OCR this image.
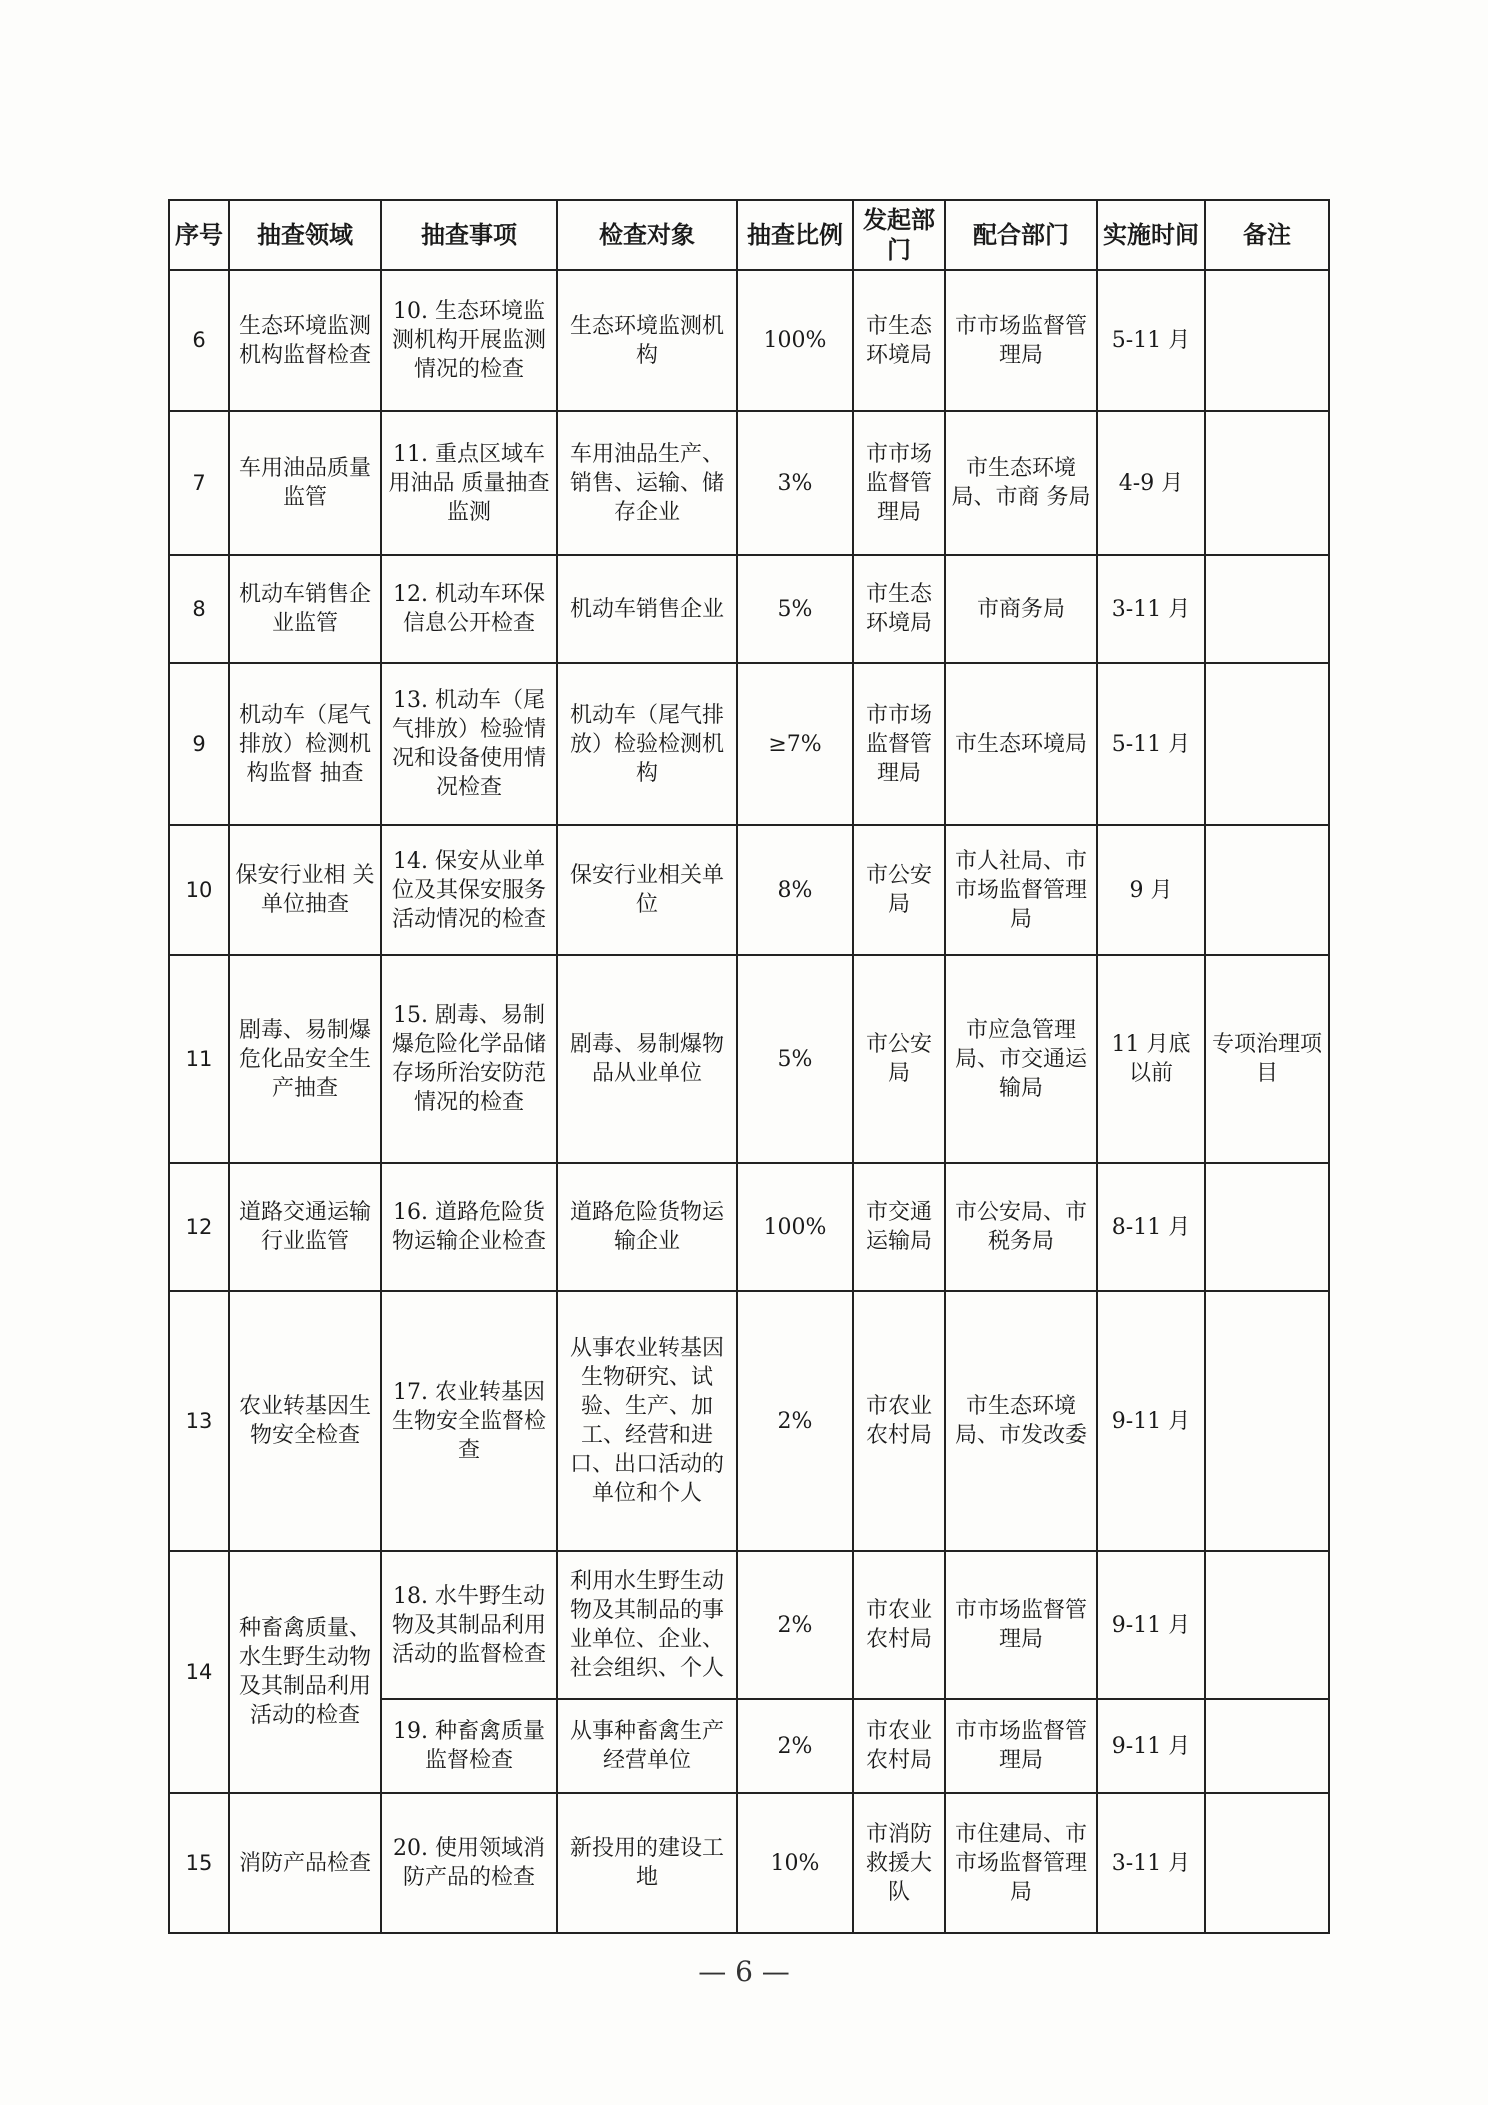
序号	抽查领域	抽查事项	检查对象	抽查比例	发起部门	配合部门	实施时间	备注
6	生态环境监测机构监督检查	10. 生态环境监测机构开展监测情况的检查	生态环境监测机构	100%	市生态环境局	市市场监督管理局	5-11 月	
7	车用油品质量监管	11. 重点区域车用油品 质量抽查监测	车用油品生产、销售、运输、储存企业	3%	市市场监督管理局	市生态环境局、市商 务局	4-9 月	
8	机动车销售企业监管	12. 机动车环保信息公开检查	机动车销售企业	5%	市生态环境局	市商务局	3-11 月	
9	机动车（尾气排放）检测机构监督 抽查	13. 机动车（尾气排放）检验情况和设备使用情况检查	机动车（尾气排放）检验检测机构	≥7%	市市场监督管理局	市生态环境局	5-11 月	
10	保安行业相 关单位抽查	14. 保安从业单位及其保安服务活动情况的检查	保安行业相关单位	8%	市公安局	市人社局、市市场监督管理局	9 月	
11	剧毒、易制爆危化品安全生产抽查	15. 剧毒、易制爆危险化学品储　存场所治安防范情况的检查	剧毒、易制爆物品从业单位	5%	市公安局	市应急管理局、市交通运输局	11 月底以前	专项治理项目
12	道路交通运输行业监管	16. 道路危险货物运输企业检查	道路危险货物运输企业	100%	市交通运输局	市公安局、市税务局	8-11 月	
13	农业转基因生物安全检查	17. 农业转基因生物安全监督检查	从事农业转基因生物研究、试验、生产、加工、经营和进口、出口活动的单位和个人	2%	市农业农村局	市生态环境局、市发改委	9-11 月	
14	种畜禽质量、水生野生动物及其制品利用活动的检查	18. 水牛野生动物及其制品利用活动的监督检查	利用水生野生动物及其制品的事业单位、企业、社会组织、个人	2%	市农业农村局	市市场监督管理局	9-11 月	
		19. 种畜禽质量监督检查	从事种畜禽生产经营单位	2%	市农业农村局	市市场监督管理局	9-11 月	
15	消防产品检查	20. 使用领域消防产品的检查	新投用的建设工地	10%	市消防救援大队	市住建局、市市场监督管理局	3-11 月	
— 6 —
